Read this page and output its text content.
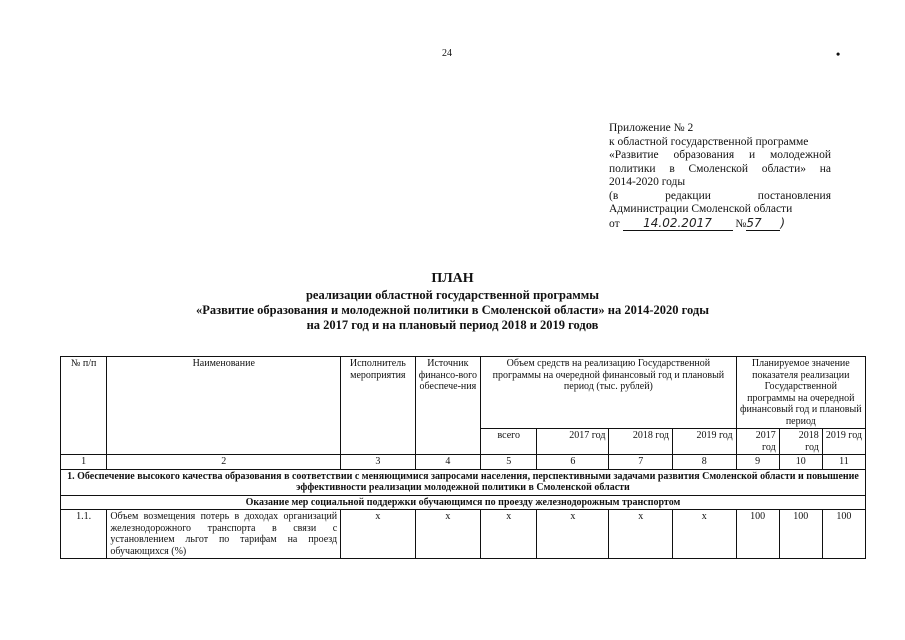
24	•
Приложение № 2
к областной государственной программе
«Развитие образования и молодежной
политики в Смоленской области» на
2014-2020 годы
(в редакции постановления
Администрации Смоленской области
от 14.02.2017 №57 )
ПЛАН
реализации областной государственной программы
«Развитие образования и молодежной политики в Смоленской области» на 2014-2020 годы
на 2017 год и на плановый период 2018 и 2019 годов
№ п/п	Наименование	Исполнитель мероприятия	Источник финансо-вого обеспече-ния	Объем средств на реализацию Государственной программы на очередной финансовый год и плановый период (тыс. рублей)				Планируемое значение показателя реализации Государственной программы на очередной финансовый год и плановый период		
				всего	2017 год	2018 год	2019 год	2017 год	2018 год	2019 год
1	2	3	4	5	6	7	8	9	10	11
1. Обеспечение высокого качества образования в соответствии с меняющимися запросами населения, перспективными задачами развития Смоленской области и повышение эффективности реализации молодежной политики в Смоленской области										
Оказание мер социальной поддержки обучающимся по проезду железнодорожным транспортом										
1.1.	Объем возмещения потерь в доходах организаций железнодорожного транспорта в связи с установлением льгот по тарифам на проезд обучающихся (%)	x	x	x	x	x	x	100	100	100
